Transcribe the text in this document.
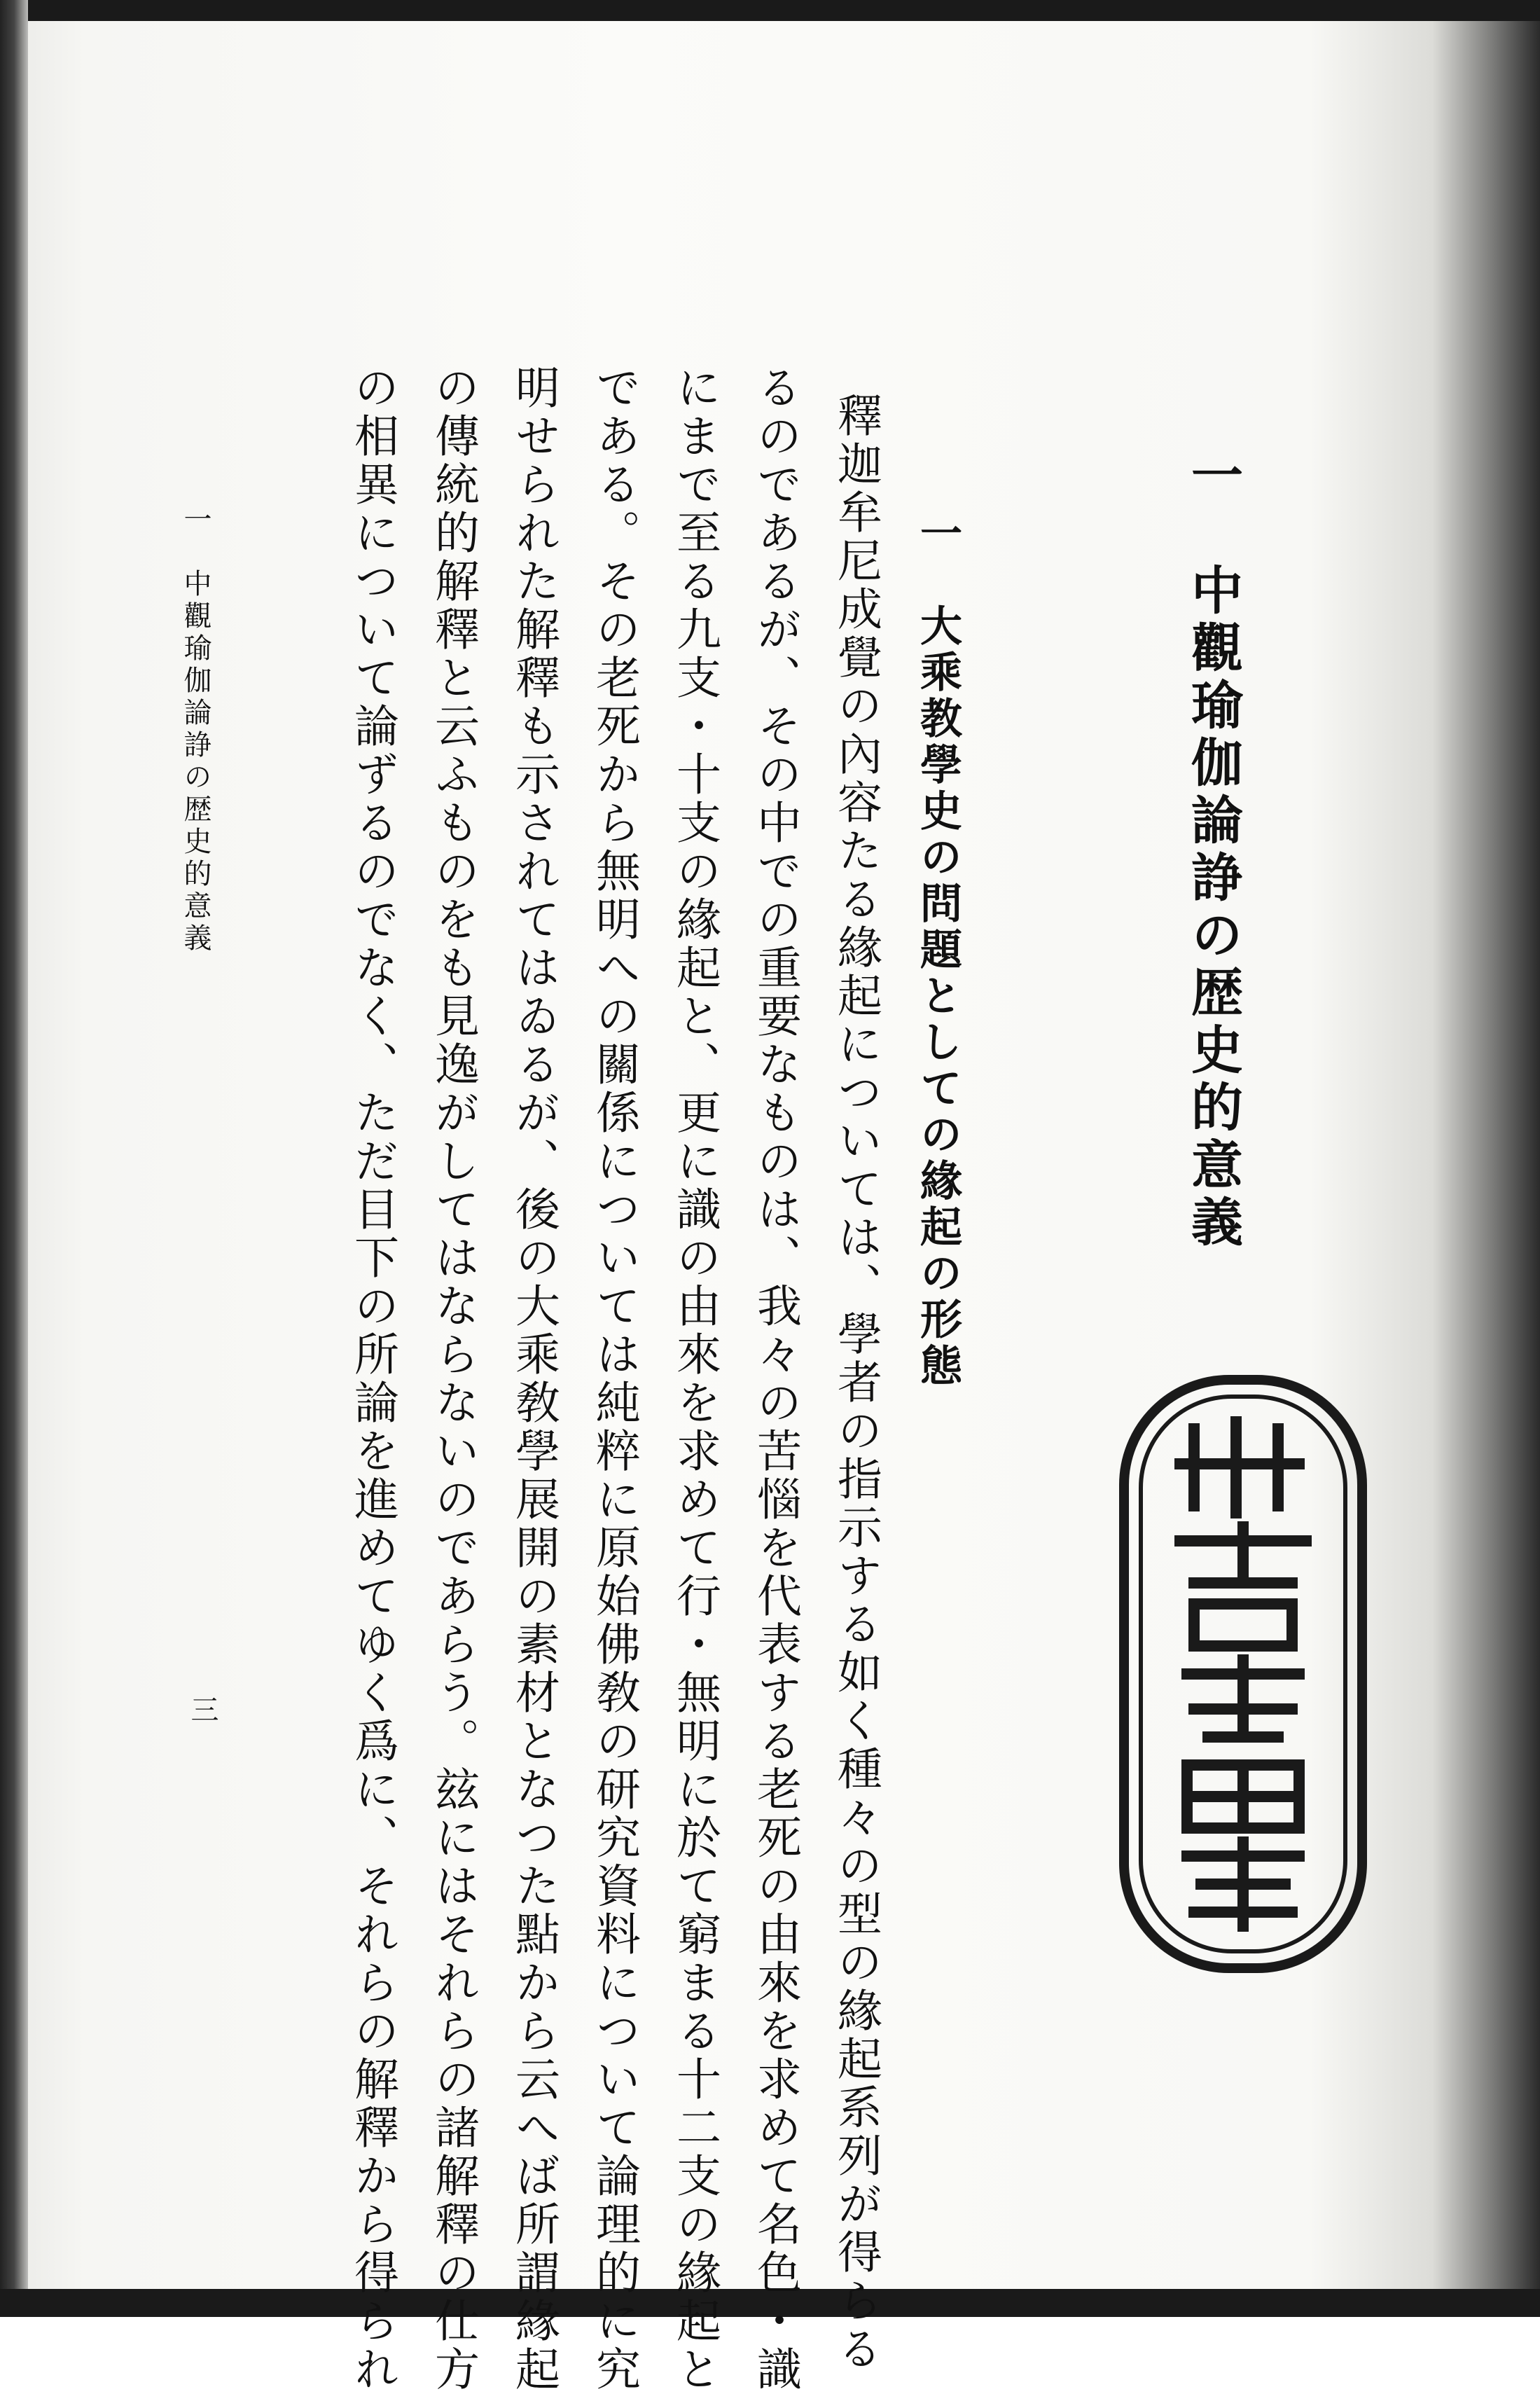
一　中觀瑜伽論諍の歴史的意義
一　大乘教學史の問題としての緣起の形態
釋迦牟尼成覺の內容たる緣起については、學者の指示する如く種々の型の緣起系列が得らる
るのであるが、その中での重要なものは、我々の苦惱を代表する老死の由來を求めて名色・識
にまで至る九支・十支の緣起と、更に識の由來を求めて行・無明に於て窮まる十二支の緣起と
である。その老死から無明への關係については純粹に原始佛敎の研究資料について論理的に究
明せられた解釋も示されてはゐるが、後の大乘敎學展開の素材となつた點から云へば所謂緣起
の傳統的解釋と云ふものをも見逸がしてはならないのであらう。玆にはそれらの諸解釋の仕方
の相異について論ずるのでなく、ただ目下の所論を進めてゆく爲に、それらの解釋から得られ
一　中觀瑜伽論諍の歴史的意義
三
